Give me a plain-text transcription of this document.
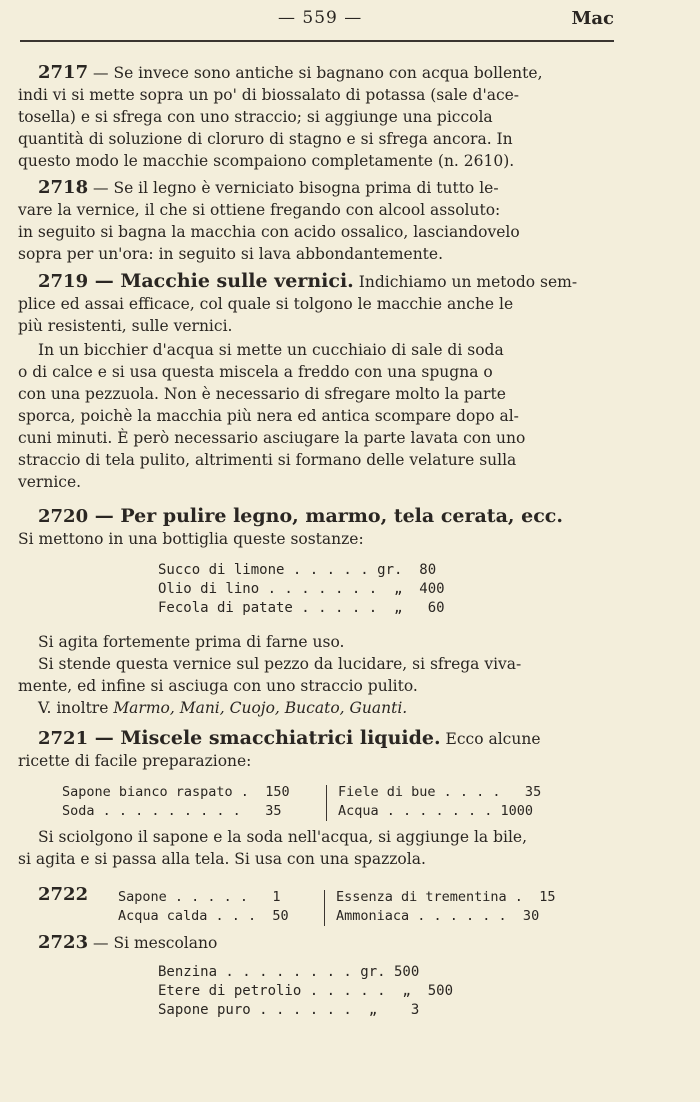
— 559 —	Mac

2717 — Se invece sono antiche si bagnano con acqua bollente,
indi vi si mette sopra un po' di biossalato di potassa (sale d'ace-
tosella) e si sfrega con uno straccio; si aggiunge una piccola
quantità di soluzione di cloruro di stagno e si sfrega ancora. In
questo modo le macchie scompaiono completamente (n. 2610).

2718 — Se il legno è verniciato bisogna prima di tutto le-
vare la vernice, il che si ottiene fregando con alcool assoluto:
in seguito si bagna la macchia con acido ossalico, lasciandovelo
sopra per un'ora: in seguito si lava abbondantemente.

2719 — Macchie sulle vernici. Indichiamo un metodo sem-
plice ed assai efficace, col quale si tolgono le macchie anche le
più resistenti, sulle vernici.

In un bicchier d'acqua si mette un cucchiaio di sale di soda
o di calce e si usa questa miscela a freddo con una spugna o
con una pezzuola. Non è necessario di sfregare molto la parte
sporca, poichè la macchia più nera ed antica scompare dopo al-
cuni minuti. È però necessario asciugare la parte lavata con uno
straccio di tela pulito, altrimenti si formano delle velature sulla
vernice.

2720 — Per pulire legno, marmo, tela cerata, ecc.
Si mettono in una bottiglia queste sostanze:

Succo di limone . . . . . gr.  80
Olio di lino . . . . . . .  „  400
Fecola di patate . . . . .  „   60

Si agita fortemente prima di farne uso.

Si stende questa vernice sul pezzo da lucidare, si sfrega viva-
mente, ed infine si asciuga con uno straccio pulito.

V. inoltre Marmo, Mani, Cuojo, Bucato, Guanti.

2721 — Miscele smacchiatrici liquide. Ecco alcune
ricette di facile preparazione:

Sapone bianco raspato .  150
Soda . . . . . . . . .   35
Fiele di bue . . . .   35
Acqua . . . . . . . 1000

Si sciolgono il sapone e la soda nell'acqua, si aggiunge la bile,
si agita e si passa alla tela. Si usa con una spazzola.

2722	Sapone . . . . .   1
Acqua calda . . .  50
Essenza di trementina .  15
Ammoniaca . . . . . .  30

2723 — Si mescolano

Benzina . . . . . . . . gr. 500
Etere di petrolio . . . . .  „  500
Sapone puro . . . . . .  „    3
